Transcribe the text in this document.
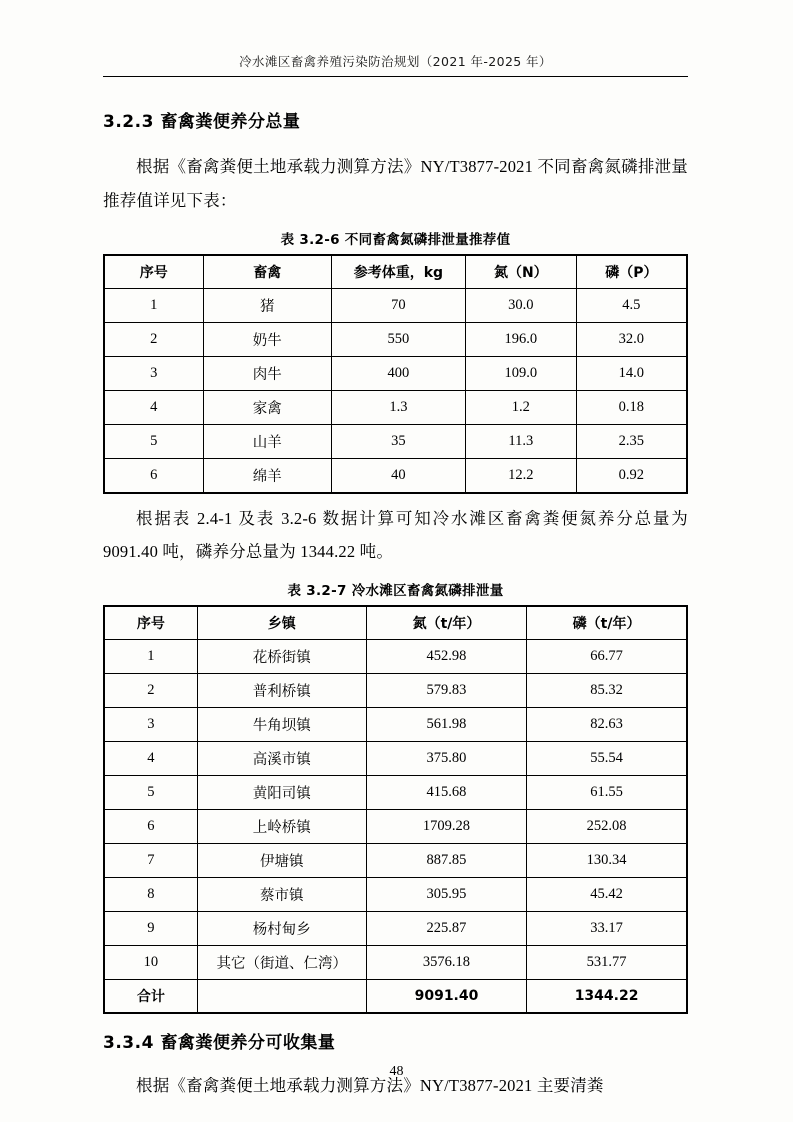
冷水滩区畜禽养殖污染防治规划（2021 年-2025 年）
3.2.3 畜禽粪便养分总量

根据《畜禽粪便土地承载力测算方法》NY/T3877-2021 不同畜禽氮磷排泄量推荐值详见下表：

表 3.2-6 不同畜禽氮磷排泄量推荐值
序号	畜禽	参考体重，kg	氮（N）	磷（P）
1	猪	70	30.0	4.5
2	奶牛	550	196.0	32.0
3	肉牛	400	109.0	14.0
4	家禽	1.3	1.2	0.18
5	山羊	35	11.3	2.35
6	绵羊	40	12.2	0.92

根据表 2.4-1 及表 3.2-6 数据计算可知冷水滩区畜禽粪便氮养分总量为 9091.40 吨，磷养分总量为 1344.22 吨。

表 3.2-7 冷水滩区畜禽氮磷排泄量
序号	乡镇	氮（t/年）	磷（t/年）
1	花桥街镇	452.98	66.77
2	普利桥镇	579.83	85.32
3	牛角坝镇	561.98	82.63
4	高溪市镇	375.80	55.54
5	黄阳司镇	415.68	61.55
6	上岭桥镇	1709.28	252.08
7	伊塘镇	887.85	130.34
8	蔡市镇	305.95	45.42
9	杨村甸乡	225.87	33.17
10	其它（街道、仁湾）	3576.18	531.77
合计		9091.40	1344.22
3.3.4 畜禽粪便养分可收集量

根据《畜禽粪便土地承载力测算方法》NY/T3877-2021 主要清粪

48
